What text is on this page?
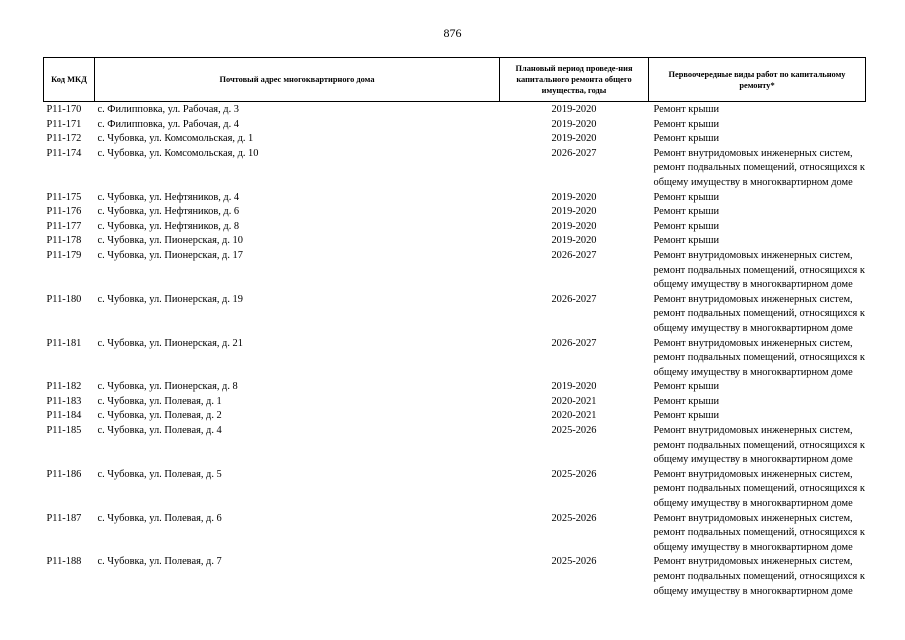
876
Код МКД	Почтовый адрес многоквартирного дома	Плановый период проведе-ния капитального ремонта общего имущества, годы	Первоочередные виды работ по капитальному ремонту*
Р11-170	с. Филипповка, ул. Рабочая, д. 3	2019-2020	Ремонт крыши

Р11-171	с. Филипповка, ул. Рабочая, д. 4	2019-2020	Ремонт крыши

Р11-172	с. Чубовка, ул. Комсомольская, д. 1	2019-2020	Ремонт крыши

Р11-174	с. Чубовка, ул. Комсомольская, д. 10	2026-2027	Ремонт внутридомовых инженерных систем,
ремонт подвальных помещений, относящихся к
общему имуществу в многоквартирном доме

Р11-175	с. Чубовка, ул. Нефтяников, д. 4	2019-2020	Ремонт крыши

Р11-176	с. Чубовка, ул. Нефтяников, д. 6	2019-2020	Ремонт крыши

Р11-177	с. Чубовка, ул. Нефтяников, д. 8	2019-2020	Ремонт крыши

Р11-178	с. Чубовка, ул. Пионерская, д. 10	2019-2020	Ремонт крыши

Р11-179	с. Чубовка, ул. Пионерская, д. 17	2026-2027	Ремонт внутридомовых инженерных систем,
ремонт подвальных помещений, относящихся к
общему имуществу в многоквартирном доме

Р11-180	с. Чубовка, ул. Пионерская, д. 19	2026-2027	Ремонт внутридомовых инженерных систем,
ремонт подвальных помещений, относящихся к
общему имуществу в многоквартирном доме

Р11-181	с. Чубовка, ул. Пионерская, д. 21	2026-2027	Ремонт внутридомовых инженерных систем,
ремонт подвальных помещений, относящихся к
общему имуществу в многоквартирном доме

Р11-182	с. Чубовка, ул. Пионерская, д. 8	2019-2020	Ремонт крыши

Р11-183	с. Чубовка, ул. Полевая, д. 1	2020-2021	Ремонт крыши

Р11-184	с. Чубовка, ул. Полевая, д. 2	2020-2021	Ремонт крыши

Р11-185	с. Чубовка, ул. Полевая, д. 4	2025-2026	Ремонт внутридомовых инженерных систем,
ремонт подвальных помещений, относящихся к
общему имуществу в многоквартирном доме

Р11-186	с. Чубовка, ул. Полевая, д. 5	2025-2026	Ремонт внутридомовых инженерных систем,
ремонт подвальных помещений, относящихся к
общему имуществу в многоквартирном доме

Р11-187	с. Чубовка, ул. Полевая, д. 6	2025-2026	Ремонт внутридомовых инженерных систем,
ремонт подвальных помещений, относящихся к
общему имуществу в многоквартирном доме

Р11-188	с. Чубовка, ул. Полевая, д. 7	2025-2026	Ремонт внутридомовых инженерных систем,
ремонт подвальных помещений, относящихся к
общему имуществу в многоквартирном доме
